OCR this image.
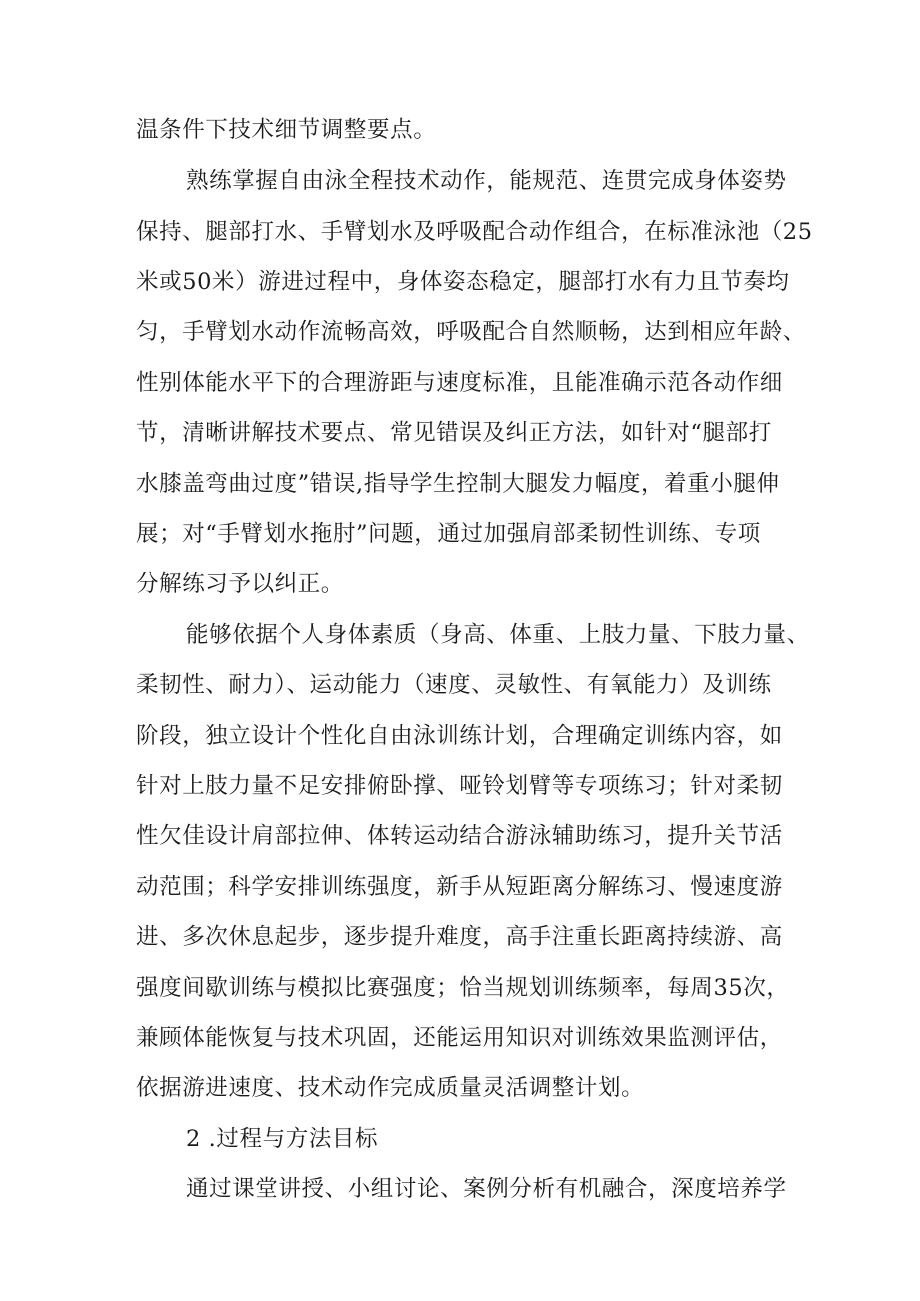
温条件下技术细节调整要点。
熟练掌握自由泳全程技术动作，能规范、连贯完成身体姿势
保持、腿部打水、手臂划水及呼吸配合动作组合，在标准泳池（25
米或50米）游进过程中，身体姿态稳定，腿部打水有力且节奏均
匀，手臂划水动作流畅高效，呼吸配合自然顺畅，达到相应年龄、
性别体能水平下的合理游距与速度标准，且能准确示范各动作细
节，清晰讲解技术要点、常见错误及纠正方法，如针对“腿部打
水膝盖弯曲过度”错误,指导学生控制大腿发力幅度，着重小腿伸
展；对“手臂划水拖肘”问题，通过加强肩部柔韧性训练、专项
分解练习予以纠正。
能够依据个人身体素质（身高、体重、上肢力量、下肢力量、
柔韧性、耐力）、运动能力（速度、灵敏性、有氧能力）及训练
阶段，独立设计个性化自由泳训练计划，合理确定训练内容，如
针对上肢力量不足安排俯卧撑、哑铃划臂等专项练习；针对柔韧
性欠佳设计肩部拉伸、体转运动结合游泳辅助练习，提升关节活
动范围；科学安排训练强度，新手从短距离分解练习、慢速度游
进、多次休息起步，逐步提升难度，高手注重长距离持续游、高
强度间歇训练与模拟比赛强度；恰当规划训练频率，每周35次，
兼顾体能恢复与技术巩固，还能运用知识对训练效果监测评估，
依据游进速度、技术动作完成质量灵活调整计划。
2 .过程与方法目标
通过课堂讲授、小组讨论、案例分析有机融合，深度培养学
